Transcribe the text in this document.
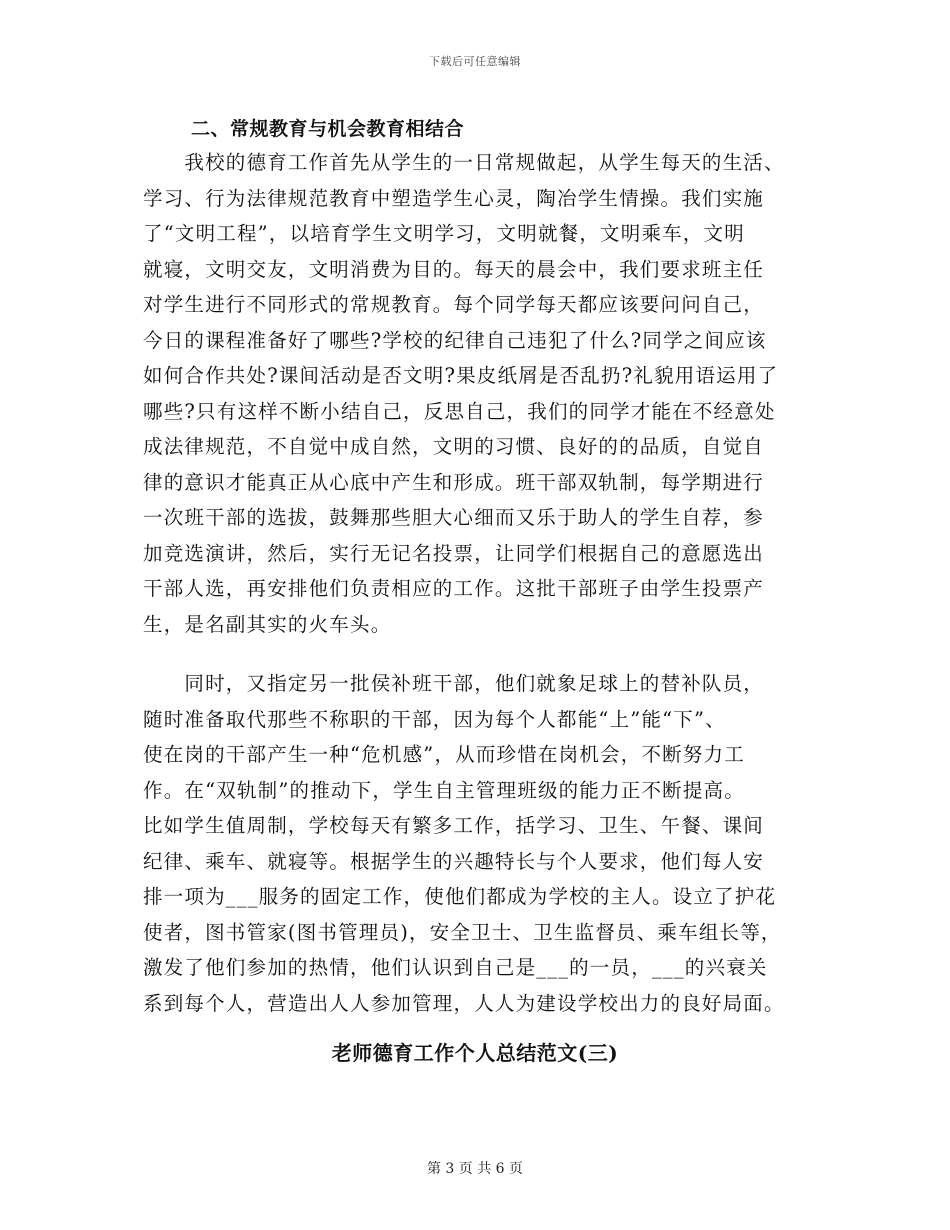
下载后可任意编辑
二、常规教育与机会教育相结合
　　我校的德育工作首先从学生的一日常规做起，从学生每天的生活、
学习、行为法律规范教育中塑造学生心灵，陶冶学生情操。我们实施
了“文明工程”，以培育学生文明学习，文明就餐，文明乘车，文明
就寝，文明交友，文明消费为目的。每天的晨会中，我们要求班主任
对学生进行不同形式的常规教育。每个同学每天都应该要问问自己，
今日的课程准备好了哪些?学校的纪律自己违犯了什么?同学之间应该
如何合作共处?课间活动是否文明?果皮纸屑是否乱扔?礼貌用语运用了
哪些?只有这样不断小结自己，反思自己，我们的同学才能在不经意处
成法律规范，不自觉中成自然，文明的习惯、良好的的品质，自觉自
律的意识才能真正从心底中产生和形成。班干部双轨制，每学期进行
一次班干部的选拔，鼓舞那些胆大心细而又乐于助人的学生自荐，参
加竞选演讲，然后，实行无记名投票，让同学们根据自己的意愿选出
干部人选，再安排他们负责相应的工作。这批干部班子由学生投票产
生，是名副其实的火车头。
　　同时，又指定另一批侯补班干部，他们就象足球上的替补队员，
随时准备取代那些不称职的干部，因为每个人都能“上”能“下”、
使在岗的干部产生一种“危机感”，从而珍惜在岗机会，不断努力工
作。在“双轨制”的推动下，学生自主管理班级的能力正不断提高。
比如学生值周制，学校每天有繁多工作，括学习、卫生、午餐、课间
纪律、乘车、就寝等。根据学生的兴趣特长与个人要求，他们每人安
排一项为___服务的固定工作，使他们都成为学校的主人。设立了护花
使者，图书管家(图书管理员)，安全卫士、卫生监督员、乘车组长等，
激发了他们参加的热情，他们认识到自己是___的一员，___的兴衰关
系到每个人，营造出人人参加管理，人人为建设学校出力的良好局面。
老师德育工作个人总结范文(三)
第 3 页 共 6 页
